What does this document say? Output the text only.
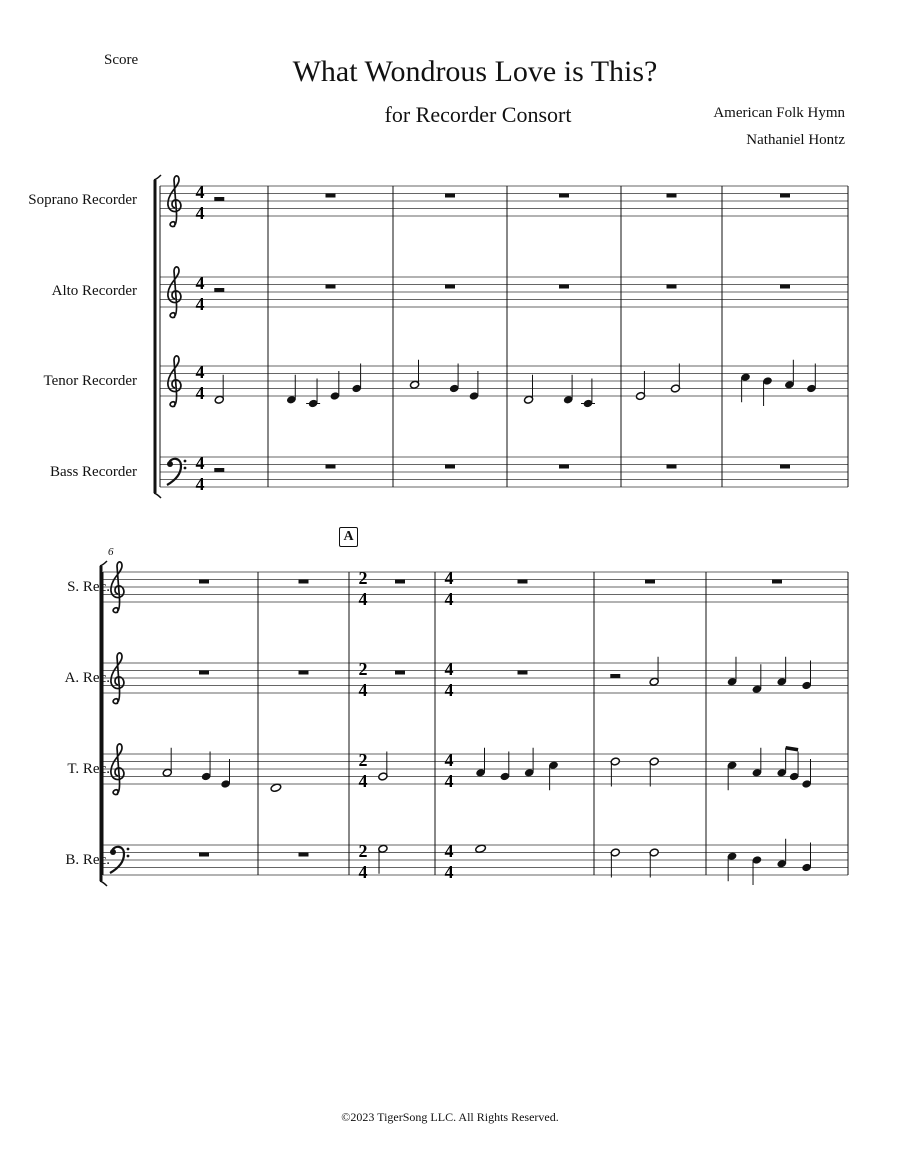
Score	What Wondrous Love is This?
for Recorder Consort	American Folk Hymn
Nathaniel Hontz
Soprano Recorder
Alto Recorder
Tenor Recorder
Bass Recorder
S. Rec.
A. Rec.
T. Rec.
B. Rec.
6
A
4
4
4
4
4
4
4
4
2
4
2
4
2
4
2
4
4
4
4
4
4
4
4
4
©2023 TigerSong LLC. All Rights Reserved.
